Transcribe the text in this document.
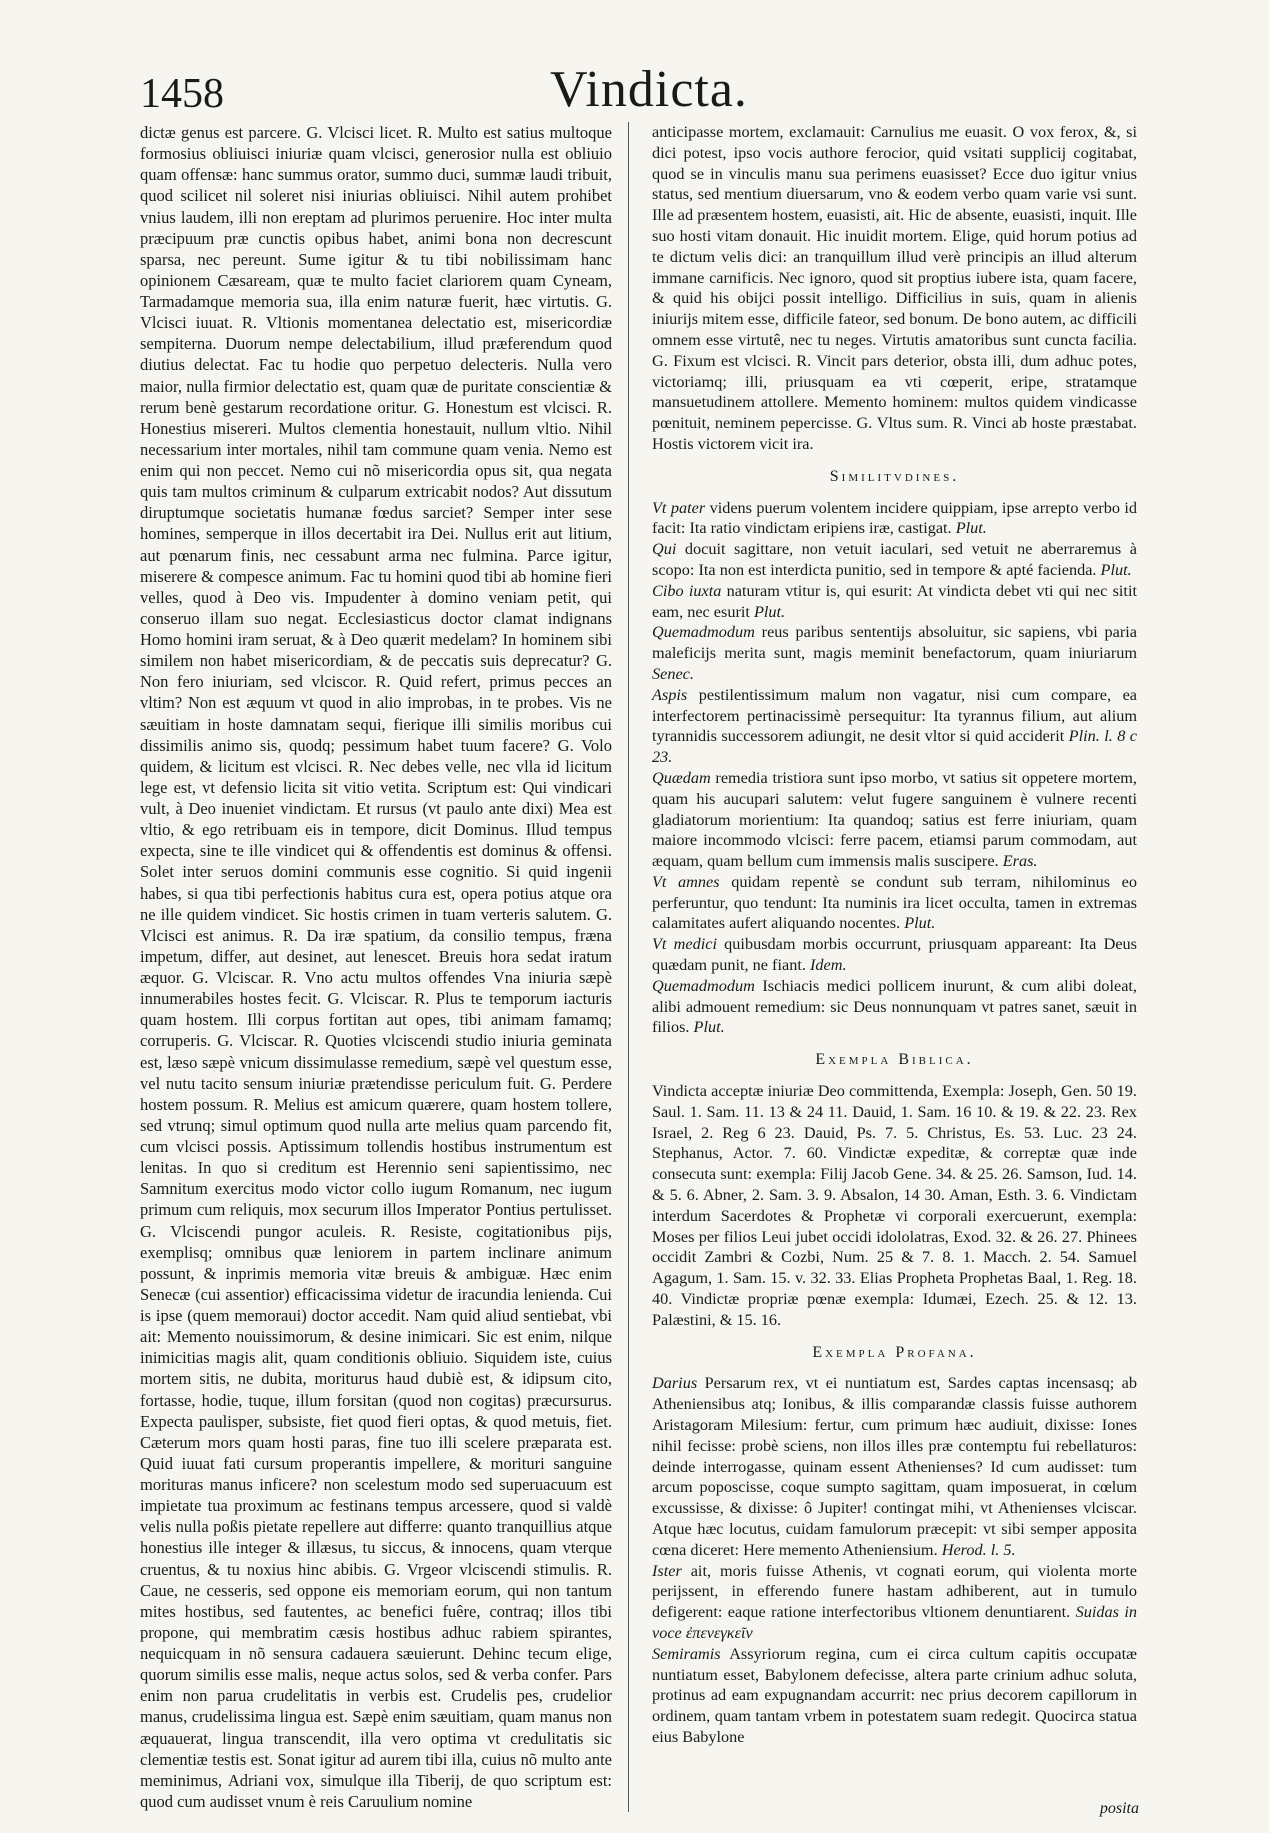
1458	Vindicta.

dictæ genus est parcere. G. Vlcisci licet. R. Multo est satius multoque formosius obliuisci iniuriæ quam vlcisci, generosior nulla est obliuio quam offensæ: hanc summus orator, summo duci, summæ laudi tribuit, quod scilicet nil soleret nisi iniurias obliuisci. Nihil autem prohibet vnius laudem, illi non ereptam ad plurimos peruenire. Hoc inter multa præcipuum præ cunctis opibus habet, animi bona non decrescunt sparsa, nec pereunt. Sume igitur & tu tibi nobilissimam hanc opinionem Cæsaream, quæ te multo faciet clariorem quam Cyneam, Tarmadamque memoria sua, illa enim naturæ fuerit, hæc virtutis. G. Vlcisci iuuat. R. Vltionis momentanea delectatio est, misericordiæ sempiterna. Duorum nempe delectabilium, illud præferendum quod diutius delectat. Fac tu hodie quo perpetuo delecteris. Nulla vero maior, nulla firmior delectatio est, quam quæ de puritate conscientiæ & rerum benè gestarum recordatione oritur. G. Honestum est vlcisci. R. Honestius misereri. Multos clementia honestauit, nullum vltio. Nihil necessarium inter mortales, nihil tam commune quam venia. Nemo est enim qui non peccet. Nemo cui nõ misericordia opus sit, qua negata quis tam multos criminum & culparum extricabit nodos? Aut dissutum diruptumque societatis humanæ fœdus sarciet? Semper inter sese homines, semperque in illos decertabit ira Dei. Nullus erit aut litium, aut pœnarum finis, nec cessabunt arma nec fulmina. Parce igitur, miserere & compesce animum. Fac tu homini quod tibi ab homine fieri velles, quod à Deo vis. Impudenter à domino veniam petit, qui conseruo illam suo negat. Ecclesiasticus doctor clamat indignans Homo homini iram seruat, & à Deo quærit medelam? In hominem sibi similem non habet misericordiam, & de peccatis suis deprecatur? G. Non fero iniuriam, sed vlciscor. R. Quid refert, primus pecces an vltim? Non est æquum vt quod in alio improbas, in te probes. Vis ne sæuitiam in hoste damnatam sequi, fierique illi similis moribus cui dissimilis animo sis, quodq; pessimum habet tuum facere? G. Volo quidem, & licitum est vlcisci. R. Nec debes velle, nec vlla id licitum lege est, vt defensio licita sit vitio vetita. Scriptum est: Qui vindicari vult, à Deo inueniet vindictam. Et rursus (vt paulo ante dixi) Mea est vltio, & ego retribuam eis in tempore, dicit Dominus. Illud tempus expecta, sine te ille vindicet qui & offendentis est dominus & offensi. Solet inter seruos domini communis esse cognitio. Si quid ingenii habes, si qua tibi perfectionis habitus cura est, opera potius atque ora ne ille quidem vindicet. Sic hostis crimen in tuam verteris salutem. G. Vlcisci est animus. R. Da iræ spatium, da consilio tempus, fræna impetum, differ, aut desinet, aut lenescet. Breuis hora sedat iratum æquor. G. Vlciscar. R. Vno actu multos offendes Vna iniuria sæpè innumerabiles hostes fecit. G. Vlciscar. R. Plus te temporum iacturis quam hostem. Illi corpus fortitan aut opes, tibi animam famamq; corruperis. G. Vlciscar. R. Quoties vlciscendi studio iniuria geminata est, læso sæpè vnicum dissimulasse remedium, sæpè vel questum esse, vel nutu tacito sensum iniuriæ prætendisse periculum fuit. G. Perdere hostem possum. R. Melius est amicum quærere, quam hostem tollere, sed vtrunq; simul optimum quod nulla arte melius quam parcendo fit, cum vlcisci possis. Aptissimum tollendis hostibus instrumentum est lenitas. In quo si creditum est Herennio seni sapientissimo, nec Samnitum exercitus modo victor collo iugum Romanum, nec iugum primum cum reliquis, mox securum illos Imperator Pontius pertulisset. G. Vlciscendi pungor aculeis. R. Resiste, cogitationibus pijs, exemplisq; omnibus quæ leniorem in partem inclinare animum possunt, & inprimis memoria vitæ breuis & ambiguæ. Hæc enim Senecæ (cui assentior) efficacissima videtur de iracundia lenienda. Cui is ipse (quem memoraui) doctor accedit. Nam quid aliud sentiebat, vbi ait: Memento nouissimorum, & desine inimicari. Sic est enim, nilque inimicitias magis alit, quam conditionis obliuio. Siquidem iste, cuius mortem sitis, ne dubita, moriturus haud dubiè est, & idipsum cito, fortasse, hodie, tuque, illum forsitan (quod non cogitas) præcursurus. Expecta paulisper, subsiste, fiet quod fieri optas, & quod metuis, fiet. Cæterum mors quam hosti paras, fine tuo illi scelere præparata est. Quid iuuat fati cursum properantis impellere, & morituri sanguine morituras manus inficere? non scelestum modo sed superuacuum est impietate tua proximum ac festinans tempus arcessere, quod si valdè velis nulla poßis pietate repellere aut differre: quanto tranquillius atque honestius ille integer & illæsus, tu siccus, & innocens, quam vterque cruentus, & tu noxius hinc abibis. G. Vrgeor vlciscendi stimulis. R. Caue, ne cesseris, sed oppone eis memoriam eorum, qui non tantum mites hostibus, sed fautentes, ac benefici fuêre, contraq; illos tibi propone, qui membratim cæsis hostibus adhuc rabiem spirantes, nequicquam in nõ sensura cadauera sæuierunt. Dehinc tecum elige, quorum similis esse malis, neque actus solos, sed & verba confer. Pars enim non parua crudelitatis in verbis est. Crudelis pes, crudelior manus, crudelissima lingua est. Sæpè enim sæuitiam, quam manus non æquauerat, lingua transcendit, illa vero optima vt credulitatis sic clementiæ testis est. Sonat igitur ad aurem tibi illa, cuius nõ multo ante meminimus, Adriani vox, simulque illa Tiberij, de quo scriptum est: quod cum audisset vnum è reis Caruulium nomine

anticipasse mortem, exclamauit: Carnulius me euasit. O vox ferox, &, si dici potest, ipso vocis authore ferocior, quid vsitati supplicij cogitabat, quod se in vinculis manu sua perimens euasisset? Ecce duo igitur vnius status, sed mentium diuersarum, vno & eodem verbo quam varie vsi sunt. Ille ad præsentem hostem, euasisti, ait. Hic de absente, euasisti, inquit. Ille suo hosti vitam donauit. Hic inuidit mortem. Elige, quid horum potius ad te dictum velis dici: an tranquillum illud verè principis an illud alterum immane carnificis. Nec ignoro, quod sit proptius iubere ista, quam facere, & quid his obijci possit intelligo. Difficilius in suis, quam in alienis iniurijs mitem esse, difficile fateor, sed bonum. De bono autem, ac difficili omnem esse virtutê, nec tu neges. Virtutis amatoribus sunt cuncta facilia. G. Fixum est vlcisci. R. Vincit pars deterior, obsta illi, dum adhuc potes, victoriamq; illi, priusquam ea vti cœperit, eripe, stratamque mansuetudinem attollere. Memento hominem: multos quidem vindicasse pœnituit, neminem pepercisse. G. Vltus sum. R. Vinci ab hoste præstabat. Hostis victorem vicit ira.

Similitvdines.

Vt pater videns puerum volentem incidere quippiam, ipse arrepto verbo id facit: Ita ratio vindictam eripiens iræ, castigat. Plut.

Qui docuit sagittare, non vetuit iaculari, sed vetuit ne aberraremus à scopo: Ita non est interdicta punitio, sed in tempore & apté facienda. Plut.

Cibo iuxta naturam vtitur is, qui esurit: At vindicta debet vti qui nec sitit eam, nec esurit Plut.

Quemadmodum reus paribus sententijs absoluitur, sic sapiens, vbi paria maleficijs merita sunt, magis meminit benefactorum, quam iniuriarum Senec.

Aspis pestilentissimum malum non vagatur, nisi cum compare, ea interfectorem pertinacissimè persequitur: Ita tyrannus filium, aut alium tyrannidis successorem adiungit, ne desit vltor si quid acciderit Plin. l. 8 c 23.

Quædam remedia tristiora sunt ipso morbo, vt satius sit oppetere mortem, quam his aucupari salutem: velut fugere sanguinem è vulnere recenti gladiatorum morientium: Ita quandoq; satius est ferre iniuriam, quam maiore incommodo vlcisci: ferre pacem, etiamsi parum commodam, aut æquam, quam bellum cum immensis malis suscipere. Eras.

Vt amnes quidam repentè se condunt sub terram, nihilominus eo perferuntur, quo tendunt: Ita numinis ira licet occulta, tamen in extremas calamitates aufert aliquando nocentes. Plut.

Vt medici quibusdam morbis occurrunt, priusquam appareant: Ita Deus quædam punit, ne fiant. Idem.

Quemadmodum Ischiacis medici pollicem inurunt, & cum alibi doleat, alibi admouent remedium: sic Deus nonnunquam vt patres sanet, sæuit in filios. Plut.

Exempla Biblica.

Vindicta acceptæ iniuriæ Deo committenda, Exempla: Joseph, Gen. 50 19. Saul. 1. Sam. 11. 13 & 24 11. Dauid, 1. Sam. 16 10. & 19. & 22. 23. Rex Israel, 2. Reg 6 23. Dauid, Ps. 7. 5. Christus, Es. 53. Luc. 23 24. Stephanus, Actor. 7. 60. Vindictæ expeditæ, & correptæ quæ inde consecuta sunt: exempla: Filij Jacob Gene. 34. & 25. 26. Samson, Iud. 14. & 5. 6. Abner, 2. Sam. 3. 9. Absalon, 14 30. Aman, Esth. 3. 6. Vindictam interdum Sacerdotes & Prophetæ vi corporali exercuerunt, exempla: Moses per filios Leui jubet occidi idololatras, Exod. 32. & 26. 27. Phinees occidit Zambri & Cozbi, Num. 25 & 7. 8. 1. Macch. 2. 54. Samuel Agagum, 1. Sam. 15. v. 32. 33. Elias Propheta Prophetas Baal, 1. Reg. 18. 40. Vindictæ propriæ pœnæ exempla: Idumæi, Ezech. 25. & 12. 13. Palæstini, & 15. 16.

Exempla Profana.

Darius Persarum rex, vt ei nuntiatum est, Sardes captas incensasq; ab Atheniensibus atq; Ionibus, & illis comparandæ classis fuisse authorem Aristagoram Milesium: fertur, cum primum hæc audiuit, dixisse: Iones nihil fecisse: probè sciens, non illos illes præ contemptu fui rebellaturos: deinde interrogasse, quinam essent Athenienses? Id cum audisset: tum arcum poposcisse, coque sumpto sagittam, quam imposuerat, in cœlum excussisse, & dixisse: ô Jupiter! contingat mihi, vt Athenienses vlciscar. Atque hæc locutus, cuidam famulorum præcepit: vt sibi semper apposita cœna diceret: Here memento Atheniensium. Herod. l. 5.

Ister ait, moris fuisse Athenis, vt cognati eorum, qui violenta morte perijssent, in efferendo funere hastam adhiberent, aut in tumulo defigerent: eaque ratione interfectoribus vltionem denuntiarent. Suidas in voce ἐπενεγκεῖν

Semiramis Assyriorum regina, cum ei circa cultum capitis occupatæ nuntiatum esset, Babylonem defecisse, altera parte crinium adhuc soluta, protinus ad eam expugnandam accurrit: nec prius decorem capillorum in ordinem, quam tantam vrbem in potestatem suam redegit. Quocirca statua eius Babylone

posita
